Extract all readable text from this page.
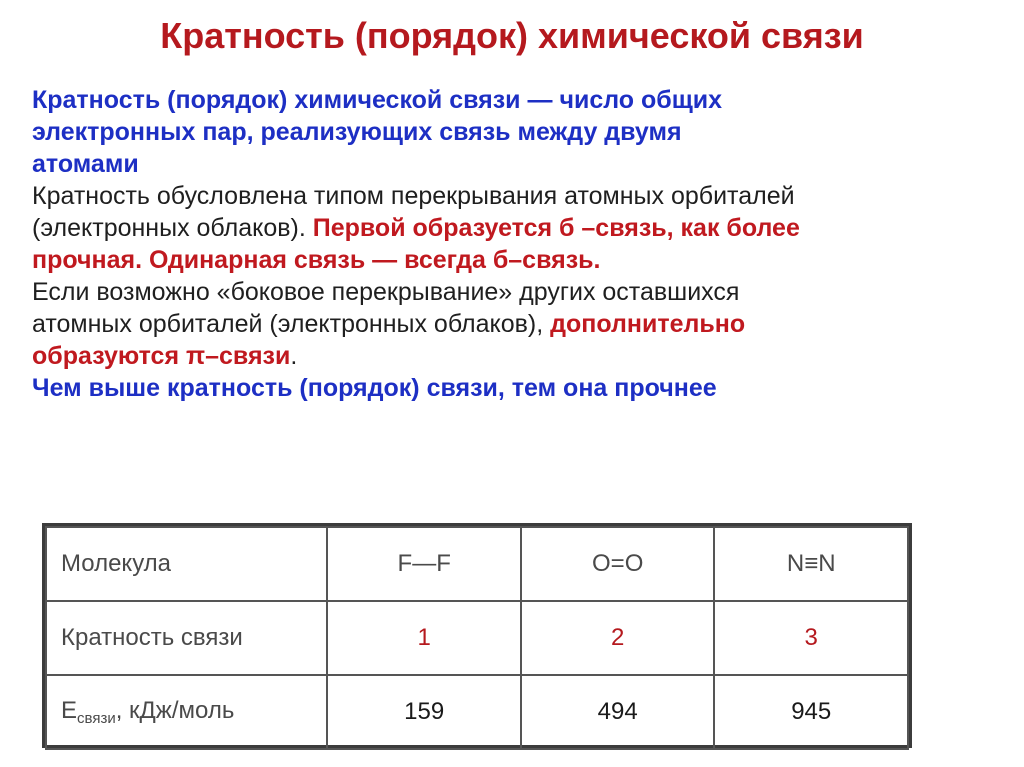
Кратность (порядок) химической связи
Кратность (порядок) химической связи — число общих
электронных пар, реализующих связь между двумя
атомами
Кратность обусловлена типом перекрывания атомных орбиталей
(электронных облаков). Первой образуется б –связь, как более
прочная. Одинарная связь — всегда б–связь.
Если возможно «боковое перекрывание» других оставшихся
атомных орбиталей (электронных облаков), дополнительно
образуются π–связи.
Чем выше кратность (порядок) связи, тем она прочнее
Молекула	F—F	O=O	N≡N
Кратность связи	1	2	3
$E_{связи}$, кДж/моль	159	494	945
